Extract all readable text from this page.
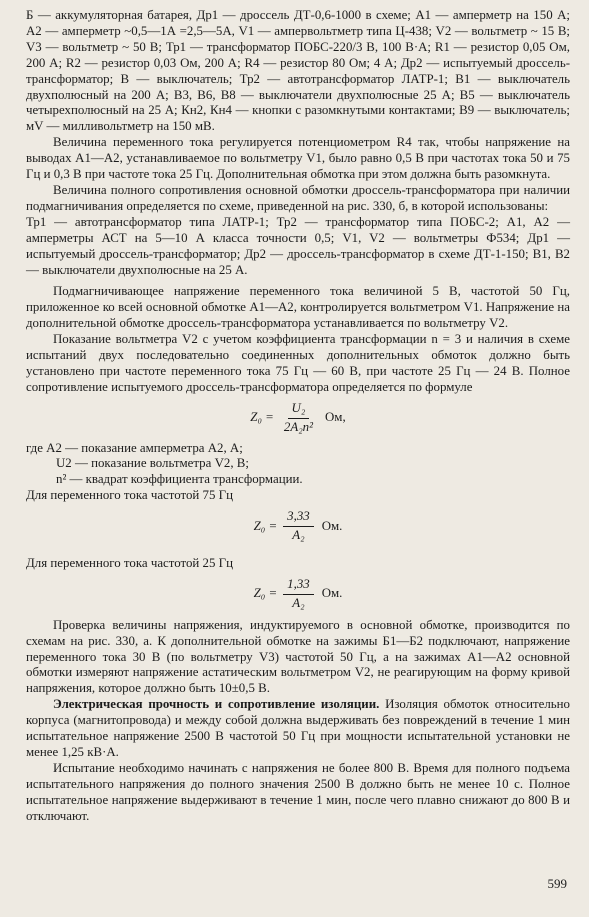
Б — аккумуляторная батарея, Др1 — дроссель ДТ-0,6-1000 в схеме; А1 — амперметр на 150 А; А2 — амперметр ~0,5—1А =2,5—5А, V1 — ампервольтметр типа Ц-438; V2 — вольтметр ~ 15 В; V3 — вольтметр ~ 50 В; Тр1 — трансформатор ПОБС-220/3 В, 100 В·А; R1 — резистор 0,05 Ом, 200 А; R2 — резистор 0,03 Ом, 200 А; R4 — резистор 80 Ом; 4 А; Др2 — испытуемый дроссель-трансформатор; В — выключатель; Тр2 — автотрансформатор ЛАТР-1; В1 — выключатель двухполюсный на 200 А; В3, В6, В8 — выключатели двухполюсные 25 А; В5 — выключатель четырехполюсный на 25 А; Кн2, Кн4 — кнопки с разомкнутыми контактами; В9 — выключатель; мV — милливольтметр на 150 мВ.

Величина переменного тока регулируется потенциометром R4 так, чтобы напряжение на выводах А1—А2, устанавливаемое по вольтметру V1, было равно 0,5 В при частотах тока 50 и 75 Гц и 0,3 В при частоте тока 25 Гц. Дополнительная обмотка при этом должна быть разомкнута.

Величина полного сопротивления основной обмотки дроссель-трансформатора при наличии подмагничивания определяется по схеме, приведенной на рис. 330, б, в которой использованы:

Тр1 — автотрансформатор типа ЛАТР-1; Тр2 — трансформатор типа ПОБС-2; А1, А2 — амперметры АСТ на 5—10 А класса точности 0,5; V1, V2 — вольтметры Ф534; Др1 — испытуемый дроссель-трансформатор; Др2 — дроссель-трансформатор в схеме ДТ-1-150; В1, В2 — выключатели двухполюсные на 25 А.

Подмагничивающее напряжение переменного тока величиной 5 В, частотой 50 Гц, приложенное ко всей основной обмотке А1—А2, контролируется вольтметром V1. Напряжение на дополнительной обмотке дроссель-трансформатора устанавливается по вольтметру V2.

Показание вольтметра V2 с учетом коэффициента трансформации n = 3 и наличия в схеме испытаний двух последовательно соединенных дополнительных обмоток должно быть установлено при частоте переменного тока 75 Гц — 60 В, при частоте 25 Гц — 24 В. Полное сопротивление испытуемого дроссель-трансформатора определяется по формуле

$Z_0 = \frac{\text{U₂}}{\text{2A₂n²}}$ Ом,

где А2 — показание амперметра А2, А;

U2 — показание вольтметра V2, В;

n² — квадрат коэффициента трансформации.

Для переменного тока частотой 75 Гц

$Z_0 = \frac{3,33}{\text{A₂}}$ Ом.

Для переменного тока частотой 25 Гц

$Z_0 = \frac{1,33}{\text{A₂}}$ Ом.

Проверка величины напряжения, индуктируемого в основной обмотке, производится по схемам на рис. 330, а. К дополнительной обмотке на зажимы Б1—Б2 подключают, напряжение переменного тока 30 В (по вольтметру V3) частотой 50 Гц, а на зажимах А1—А2 основной обмотки измеряют напряжение астатическим вольтметром V2, не реагирующим на форму кривой напряжения, которое должно быть 10±0,5 В.

Электрическая прочность и сопротивление изоляции. Изоляция обмоток относительно корпуса (магнитопровода) и между собой должна выдерживать без повреждений в течение 1 мин испытательное напряжение 2500 В частотой 50 Гц при мощности испытательной установки не менее 1,25 кВ·А.

Испытание необходимо начинать с напряжения не более 800 В. Время для полного подъема испытательного напряжения до полного значения 2500 В должно быть не менее 10 с. Полное испытательное напряжение выдерживают в течение 1 мин, после чего плавно снижают до 800 В и отключают.

599
